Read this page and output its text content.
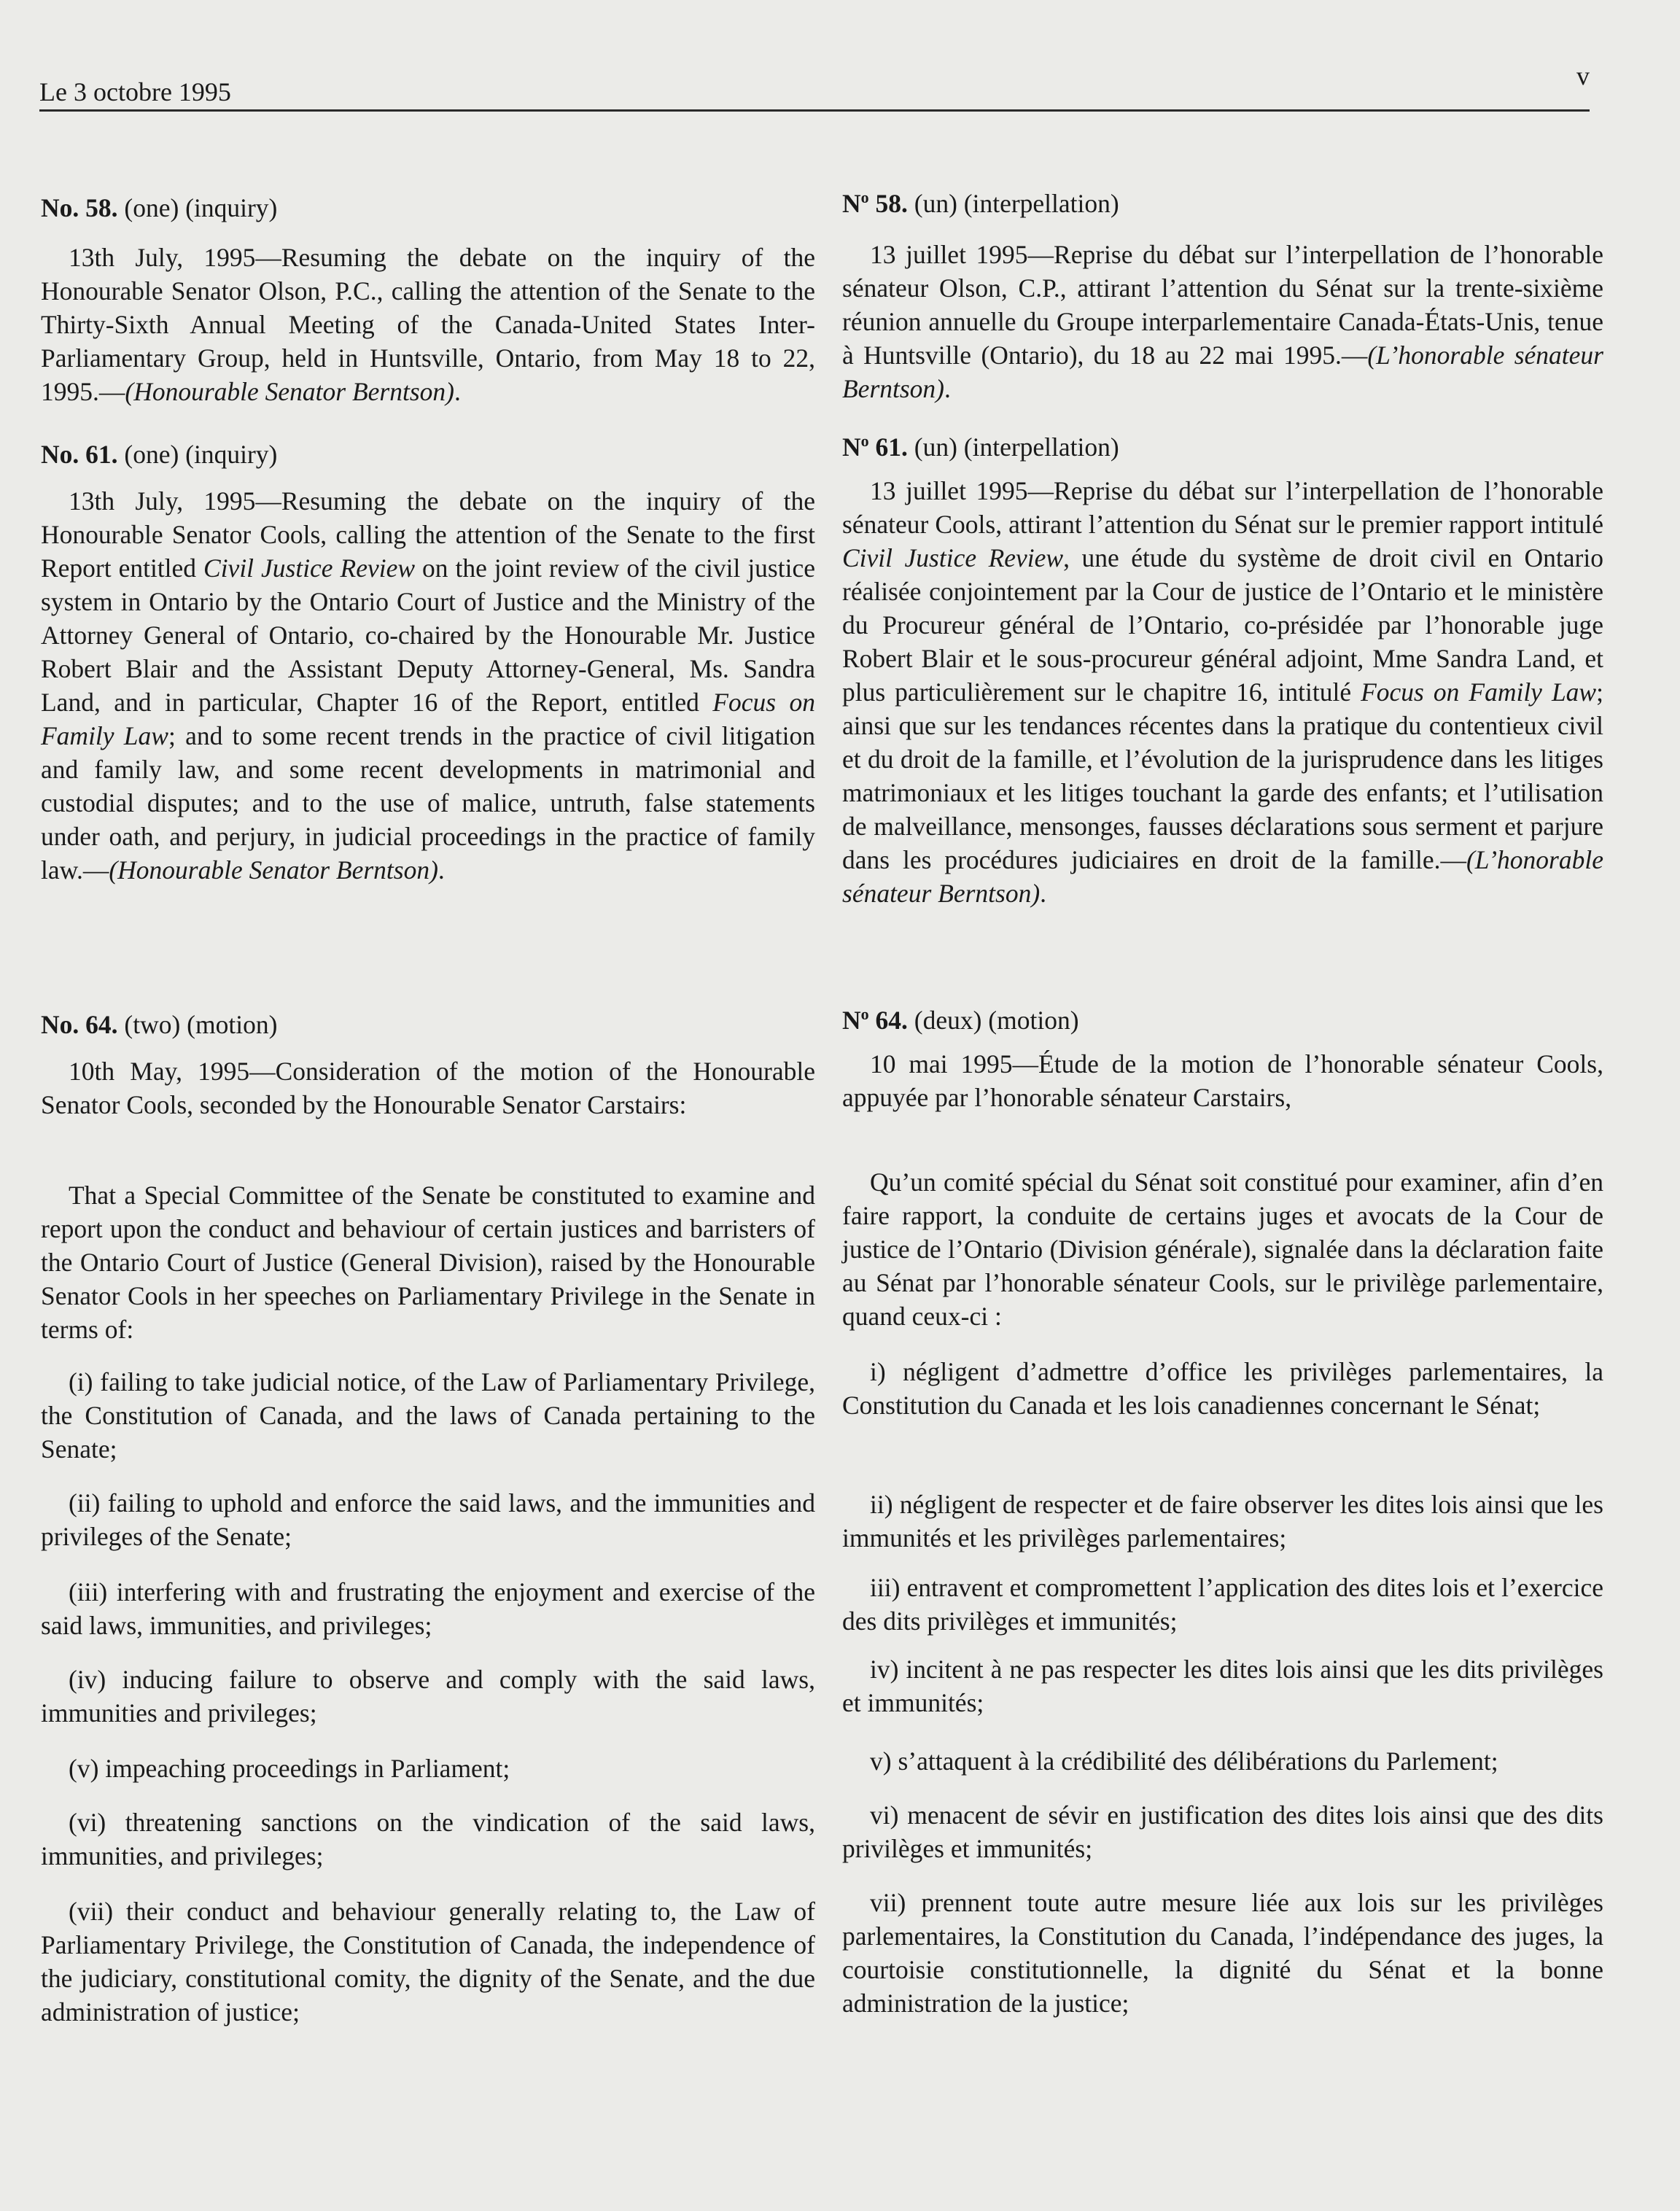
Le 3 octobre 1995
v
No. 58. (one) (inquiry)
13th July, 1995—Resuming the debate on the inquiry of the Honourable Senator Olson, P.C., calling the attention of the Senate to the Thirty-Sixth Annual Meeting of the Canada-United States Inter-Parliamentary Group, held in Huntsville, Ontario, from May 18 to 22, 1995.—(Honourable Senator Berntson).
No. 61. (one) (inquiry)
13th July, 1995—Resuming the debate on the inquiry of the Honourable Senator Cools, calling the attention of the Senate to the first Report entitled Civil Justice Review on the joint review of the civil justice system in Ontario by the Ontario Court of Justice and the Ministry of the Attorney General of Ontario, co-chaired by the Honourable Mr. Justice Robert Blair and the Assistant Deputy Attorney-General, Ms. Sandra Land, and in particular, Chapter 16 of the Report, entitled Focus on Family Law; and to some recent trends in the practice of civil litigation and family law, and some recent developments in matrimonial and custodial disputes; and to the use of malice, untruth, false statements under oath, and perjury, in judicial proceedings in the practice of family law.—(Honourable Senator Berntson).
No. 64. (two) (motion)
10th May, 1995—Consideration of the motion of the Honourable Senator Cools, seconded by the Honourable Senator Carstairs:
That a Special Committee of the Senate be constituted to examine and report upon the conduct and behaviour of certain justices and barristers of the Ontario Court of Justice (General Division), raised by the Honourable Senator Cools in her speeches on Parliamentary Privilege in the Senate in terms of:
(i) failing to take judicial notice, of the Law of Parliamentary Privilege, the Constitution of Canada, and the laws of Canada pertaining to the Senate;
(ii) failing to uphold and enforce the said laws, and the immunities and privileges of the Senate;
(iii) interfering with and frustrating the enjoyment and exercise of the said laws, immunities, and privileges;
(iv) inducing failure to observe and comply with the said laws, immunities and privileges;
(v) impeaching proceedings in Parliament;
(vi) threatening sanctions on the vindication of the said laws, immunities, and privileges;
(vii) their conduct and behaviour generally relating to, the Law of Parliamentary Privilege, the Constitution of Canada, the independence of the judiciary, constitutional comity, the dignity of the Senate, and the due administration of justice;
$N^o$ 58. (un) (interpellation)
13 juillet 1995—Reprise du débat sur l’interpellation de l’honorable sénateur Olson, C.P., attirant l’attention du Sénat sur la trente-sixième réunion annuelle du Groupe interparlementaire Canada-États-Unis, tenue à Huntsville (Ontario), du 18 au 22 mai 1995.—(L’honorable sénateur Berntson).
$N^o$ 61. (un) (interpellation)
13 juillet 1995—Reprise du débat sur l’interpellation de l’honorable sénateur Cools, attirant l’attention du Sénat sur le premier rapport intitulé Civil Justice Review, une étude du système de droit civil en Ontario réalisée conjointement par la Cour de justice de l’Ontario et le ministère du Procureur général de l’Ontario, co-présidée par l’honorable juge Robert Blair et le sous-procureur général adjoint, Mme Sandra Land, et plus particulièrement sur le chapitre 16, intitulé Focus on Family Law; ainsi que sur les tendances récentes dans la pratique du contentieux civil et du droit de la famille, et l’évolution de la jurisprudence dans les litiges matrimoniaux et les litiges touchant la garde des enfants; et l’utilisation de malveillance, mensonges, fausses déclarations sous serment et parjure dans les procédures judiciaires en droit de la famille.—(L’honorable sénateur Berntson).
$N^o$ 64. (deux) (motion)
10 mai 1995—Étude de la motion de l’honorable sénateur Cools, appuyée par l’honorable sénateur Carstairs,
Qu’un comité spécial du Sénat soit constitué pour examiner, afin d’en faire rapport, la conduite de certains juges et avocats de la Cour de justice de l’Ontario (Division générale), signalée dans la déclaration faite au Sénat par l’honorable sénateur Cools, sur le privilège parlementaire, quand ceux-ci :
i) négligent d’admettre d’office les privilèges parlementaires, la Constitution du Canada et les lois canadiennes concernant le Sénat;
ii) négligent de respecter et de faire observer les dites lois ainsi que les immunités et les privilèges parlementaires;
iii) entravent et compromettent l’application des dites lois et l’exercice des dits privilèges et immunités;
iv) incitent à ne pas respecter les dites lois ainsi que les dits privilèges et immunités;
v) s’attaquent à la crédibilité des délibérations du Parlement;
vi) menacent de sévir en justification des dites lois ainsi que des dits privilèges et immunités;
vii) prennent toute autre mesure liée aux lois sur les privilèges parlementaires, la Constitution du Canada, l’indépendance des juges, la courtoisie constitutionnelle, la dignité du Sénat et la bonne administration de la justice;
